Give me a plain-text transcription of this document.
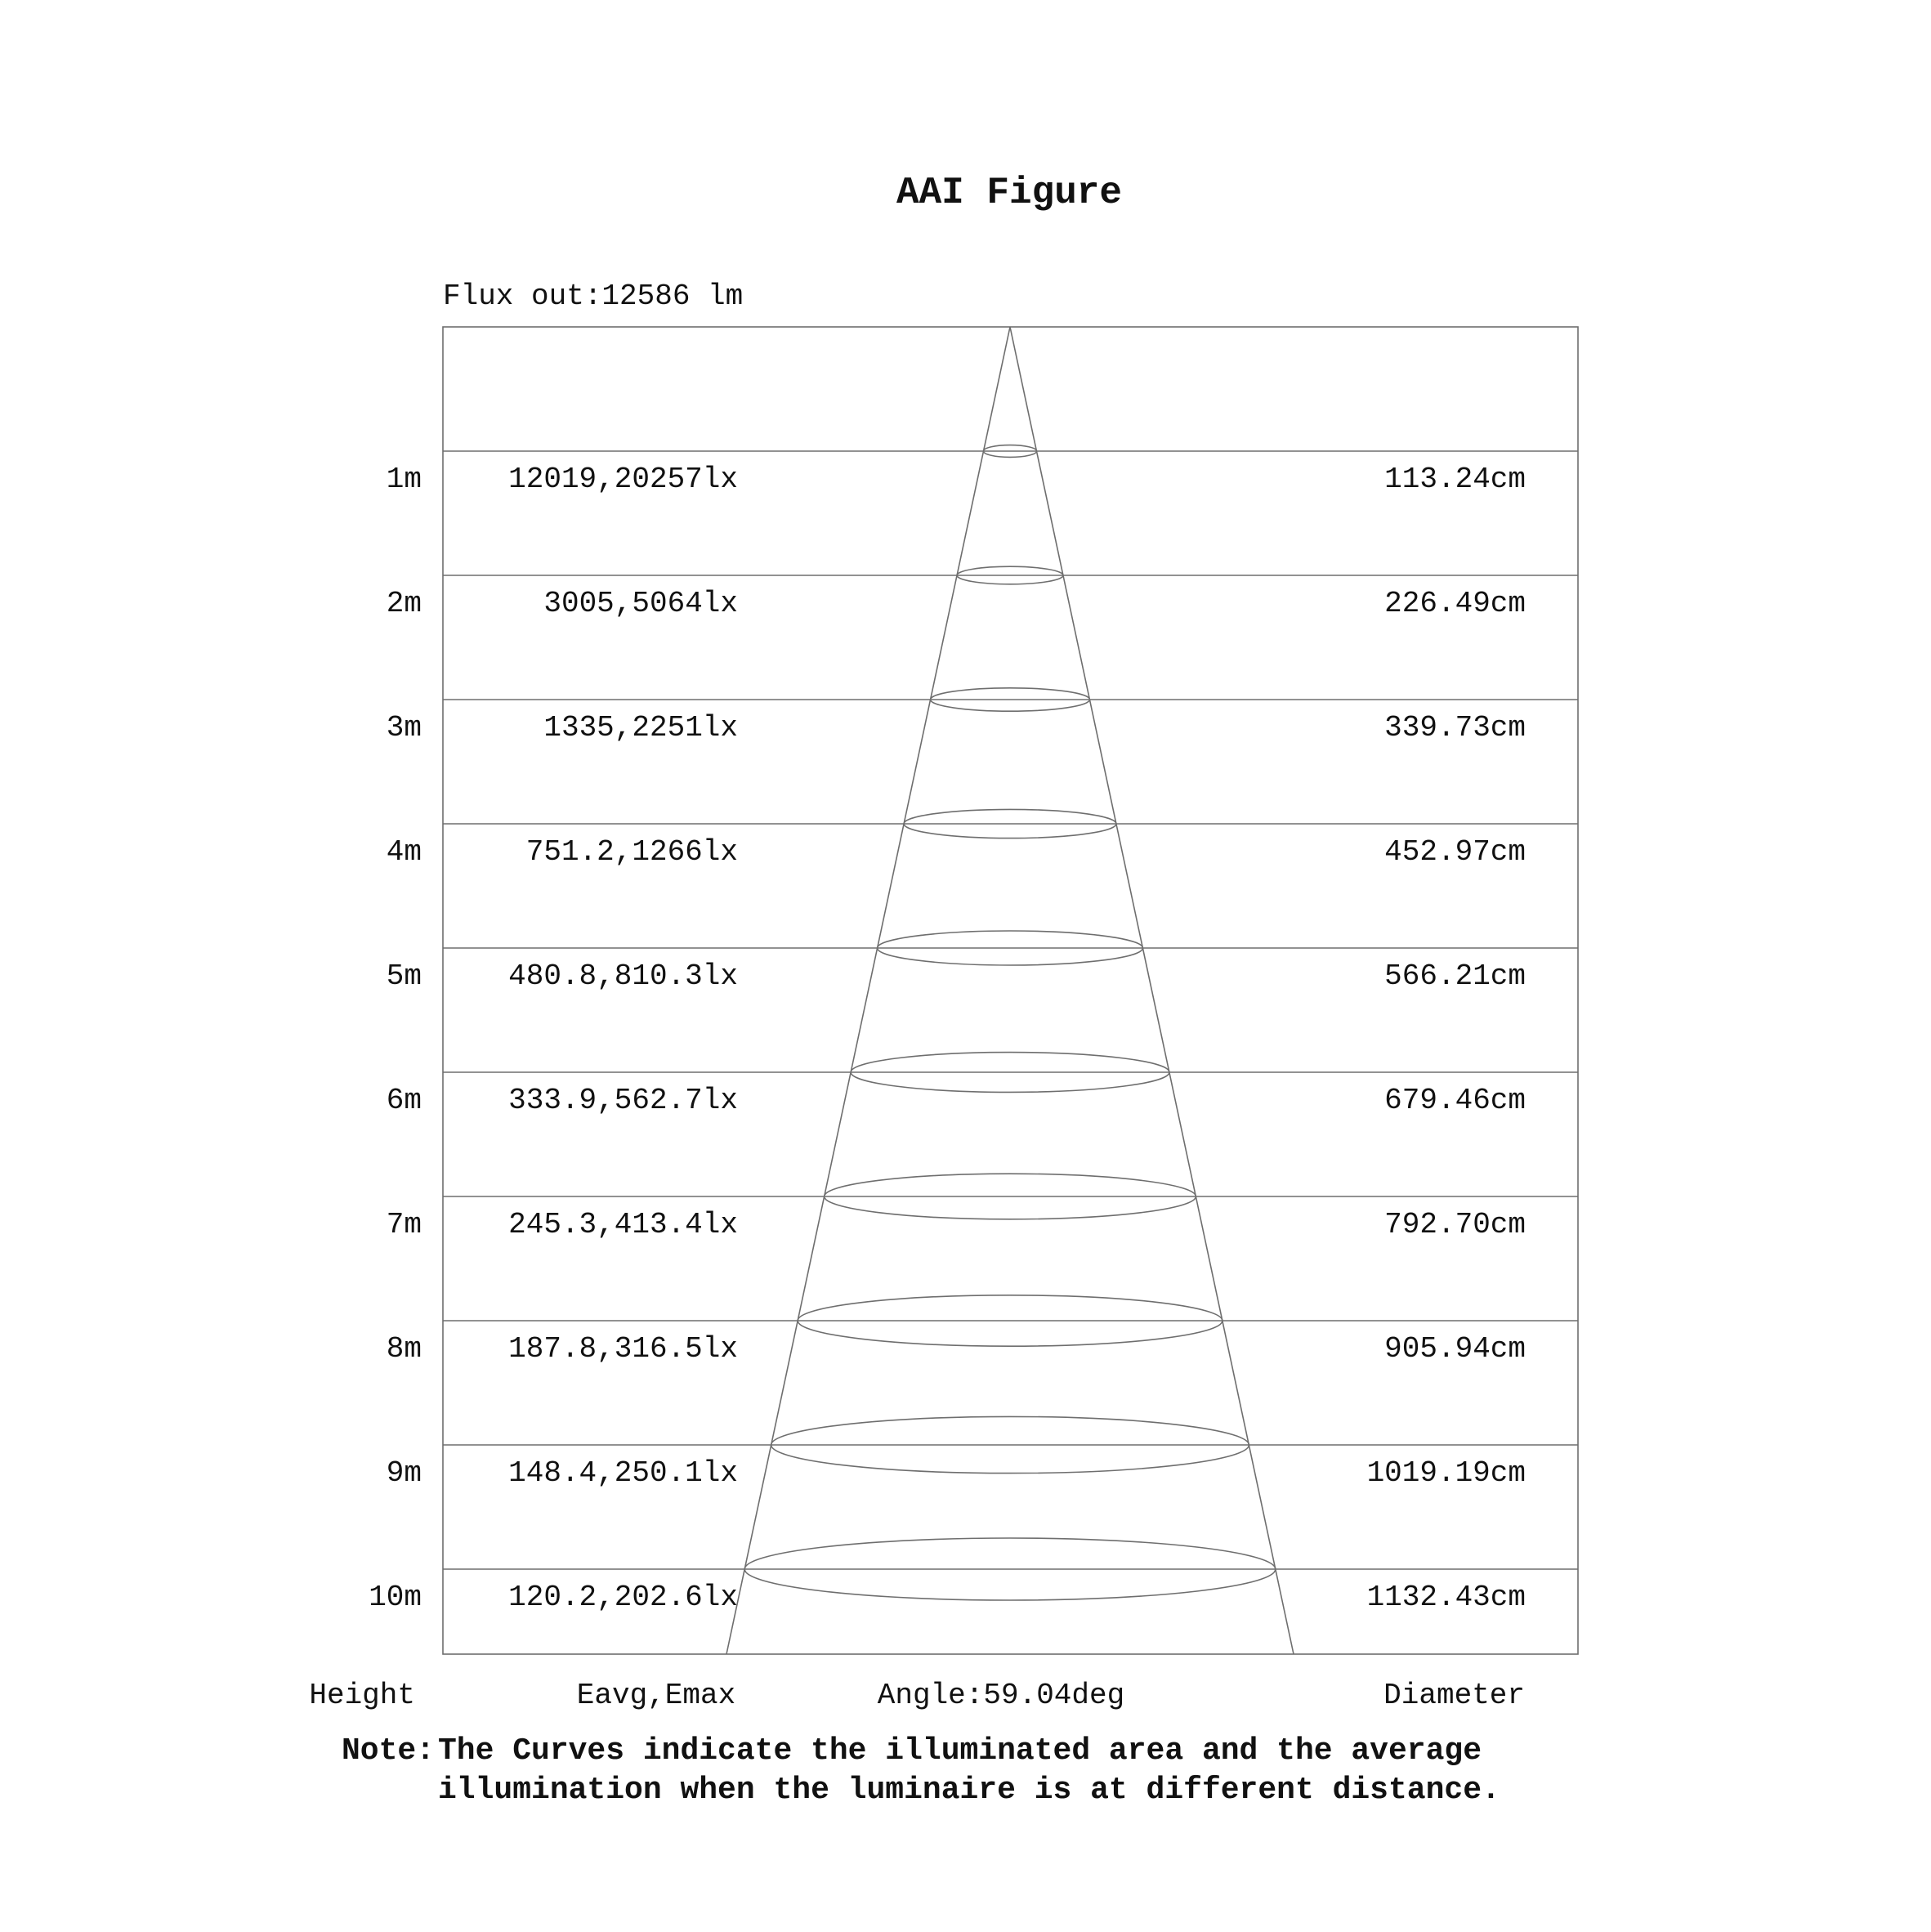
AAI Figure
Flux out:12586 lm
1m	12019,20257lx	113.24cm
2m	3005,5064lx	226.49cm
3m	1335,2251lx	339.73cm
4m	751.2,1266lx	452.97cm
5m	480.8,810.3lx	566.21cm
6m	333.9,562.7lx	679.46cm
7m	245.3,413.4lx	792.70cm
8m	187.8,316.5lx	905.94cm
9m	148.4,250.1lx	1019.19cm
10m	120.2,202.6lx	1132.43cm
Height	Eavg,Emax	Angle:59.04deg	Diameter
Note: The Curves indicate the illuminated area and the average
illumination when the luminaire is at different distance.
